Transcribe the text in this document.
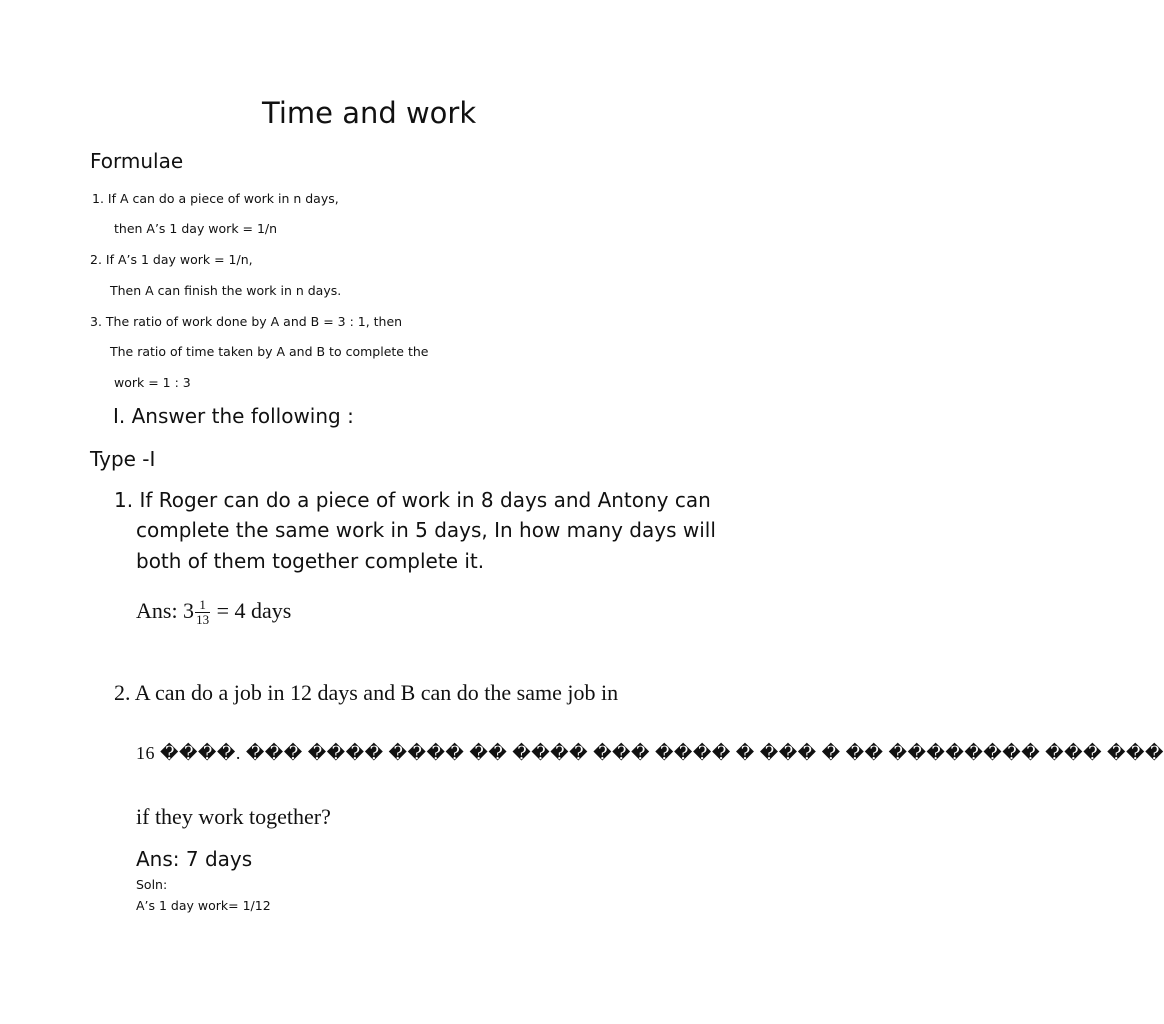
Time and work
Formulae
1. If A can do a piece of work in n days,
then A’s 1 day work = 1/n
2. If A’s 1 day work = 1/n,
Then A can finish the work in n days.
3. The ratio of work done by A and B = 3 : 1, then
The ratio of time taken by A and B to complete the
work = 1 : 3
I. Answer the following :
Type -I
1. If Roger can do a piece of work in 8 days and Antony can
complete the same work in 5 days, In how many days will
both of them together complete it.
Ans: $3 \frac{1}{13} = 4$ days
2. A can do a job in 12 days and B can do the same job in
16 ����. ��� ���� ���� �� ���� ��� ���� � ��� � �� �������� ��� ���
if they work together?
Ans: 7 days
Soln:
A’s 1 day work= 1/12
